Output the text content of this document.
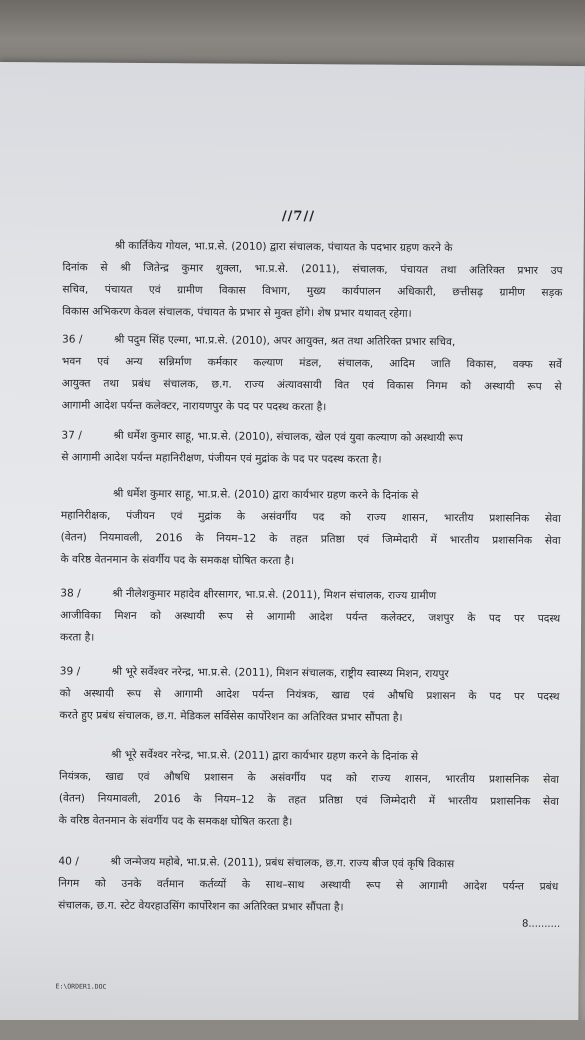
//7//
श्री कार्तिकेय गोयल, भा.प्र.से. (2010) द्वारा संचालक, पंचायत के पदभार ग्रहण करने के
दिनांक से श्री जितेन्द्र कुमार शुक्ला, भा.प्र.से. (2011), संचालक, पंचायत तथा अतिरिक्त प्रभार उप
सचिव, पंचायत एवं ग्रामीण विकास विभाग, मुख्य कार्यपालन अधिकारी, छत्तीसढ़ ग्रामीण सड़क
विकास अभिकरण केवल संचालक, पंचायत के प्रभार से मुक्त होंगे। शेष प्रभार यथावत् रहेगा।
36 /	श्री पदुम सिंह एल्मा, भा.प्र.से. (2010), अपर आयुक्त, श्रत तथा अतिरिक्त प्रभार सचिव,
भवन एवं अन्य सन्निर्माण कर्मकार कल्याण मंडल, संचालक, आदिम जाति विकास, वक्फ सर्वे
आयुक्त तथा प्रबंध संचालक, छ.ग. राज्य अंत्यावसायी वित एवं विकास निगम को अस्थायी रूप से
आगामी आदेश पर्यन्त कलेक्टर, नारायणपुर के पद पर पदस्थ करता है।
37 /	श्री धर्मेश कुमार साहू, भा.प्र.से. (2010), संचालक, खेल एवं युवा कल्याण को अस्थायी रूप
से आगामी आदेश पर्यन्त महानिरीक्षण, पंजीयन एवं मुद्रांक के पद पर पदस्थ करता है।
श्री धर्मेश कुमार साहू, भा.प्र.से. (2010) द्वारा कार्यभार ग्रहण करने के दिनांक से
महानिरीक्षक, पंजीयन एवं मुद्रांक के असंवर्गीय पद को राज्य शासन, भारतीय प्रशासनिक सेवा
(वेतन) नियमावली, 2016 के नियम–12 के तहत प्रतिष्ठा एवं जिम्मेदारी में भारतीय प्रशासनिक सेवा
के वरिष्ठ वेतनमान के संवर्गीय पद के समकक्ष घोषित करता है।
38 /	श्री नीलेशकुमार महादेव क्षीरसागर, भा.प्र.से. (2011), मिशन संचालक, राज्य ग्रामीण
आजीविका मिशन को अस्थायी रूप से आगामी आदेश पर्यन्त कलेक्टर, जशपुर के पद पर पदस्थ
करता है।
39 /	श्री भूरे सर्वेश्वर नरेन्द्र, भा.प्र.से. (2011), मिशन संचालक, राष्ट्रीय स्वास्थ्य मिशन, रायपुर
को अस्थायी रूप से आगामी आदेश पर्यन्त नियंत्रक, खाद्य एवं औषधि प्रशासन के पद पर पदस्थ
करते हुए प्रबंध संचालक, छ.ग. मेडिकल सर्विसेस कार्पोरेशन का अतिरिक्त प्रभार सौंपता है।
श्री भूरे सर्वेश्वर नरेन्द्र, भा.प्र.से. (2011) द्वारा कार्यभार ग्रहण करने के दिनांक से
नियंत्रक, खाद्य एवं औषधि प्रशासन के असंवर्गीय पद को राज्य शासन, भारतीय प्रशासनिक सेवा
(वेतन) नियमावली, 2016 के नियम–12 के तहत प्रतिष्ठा एवं जिम्मेदारी में भारतीय प्रशासनिक सेवा
के वरिष्ठ वेतनमान के संवर्गीय पद के समकक्ष घोषित करता है।
40 /	श्री जन्मेजय महोबे, भा.प्र.से. (2011), प्रबंध संचालक, छ.ग. राज्य बीज एवं कृषि विकास
निगम को उनके वर्तमान कर्तव्यों के साथ–साथ अस्थायी रूप से आगामी आदेश पर्यन्त प्रबंध
संचालक, छ.ग. स्टेट वेयरहाउसिंग कार्पोरेशन का अतिरिक्त प्रभार सौंपता है।
8..........
E:\ORDER1.DOC
